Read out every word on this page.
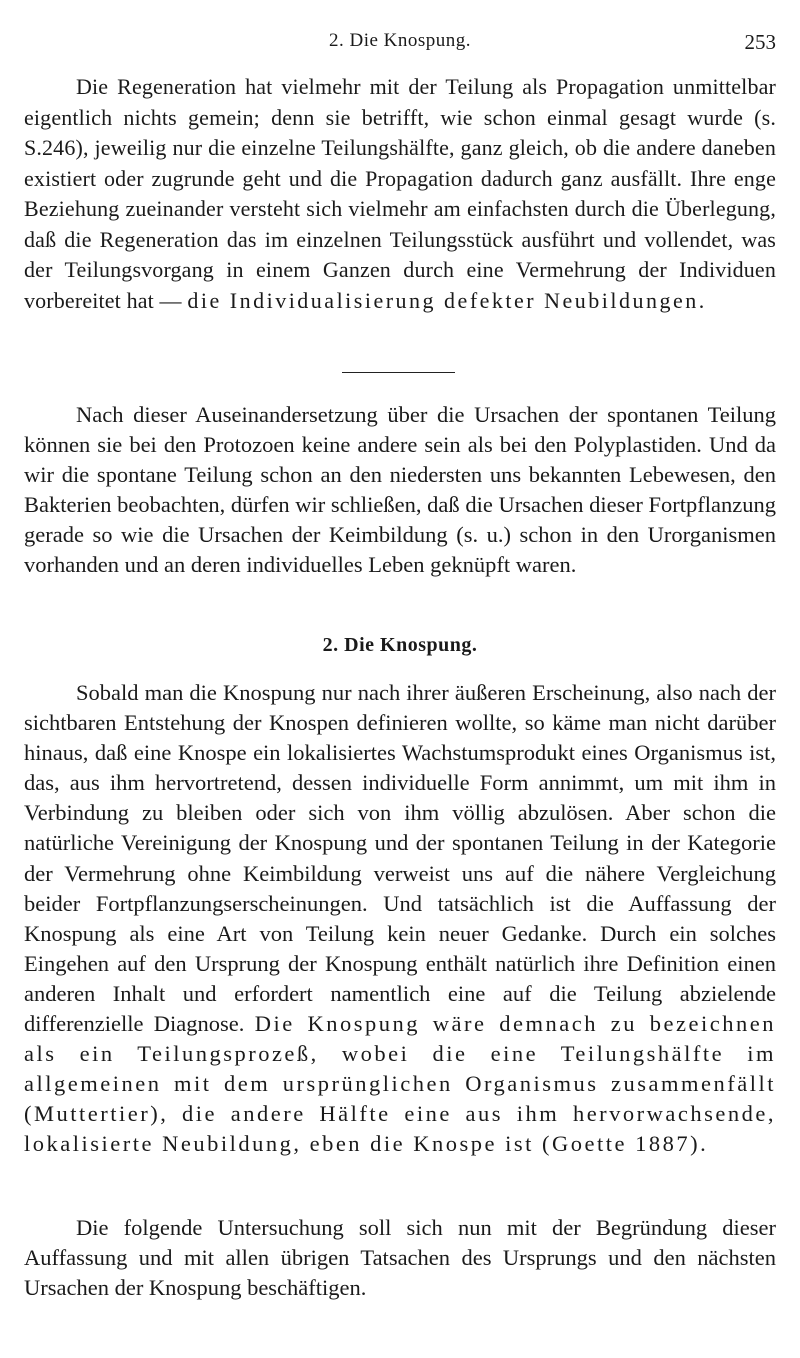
2. Die Knospung.	253

Die Regeneration hat vielmehr mit der Teilung als Propagation unmittelbar eigentlich nichts gemein; denn sie betrifft, wie schon einmal gesagt wurde (s. S.246), jeweilig nur die einzelne Teilungshälfte, ganz gleich, ob die andere daneben existiert oder zugrunde geht und die Propagation dadurch ganz ausfällt. Ihre enge Beziehung zueinander versteht sich vielmehr am einfachsten durch die Überlegung, daß die Regeneration das im einzelnen Teilungsstück ausführt und vollendet, was der Teilungsvorgang in einem Ganzen durch eine Vermehrung der Individuen vorbereitet hat — die Individualisierung defekter Neubildungen.

Nach dieser Auseinandersetzung über die Ursachen der spontanen Teilung können sie bei den Protozoen keine andere sein als bei den Polyplastiden. Und da wir die spontane Teilung schon an den niedersten uns bekannten Lebewesen, den Bakterien beobachten, dürfen wir schließen, daß die Ursachen dieser Fortpflanzung gerade so wie die Ursachen der Keimbildung (s. u.) schon in den Urorganismen vorhanden und an deren individuelles Leben geknüpft waren.

2. Die Knospung.

Sobald man die Knospung nur nach ihrer äußeren Erscheinung, also nach der sichtbaren Entstehung der Knospen definieren wollte, so käme man nicht darüber hinaus, daß eine Knospe ein lokalisiertes Wachstumsprodukt eines Organismus ist, das, aus ihm hervortretend, dessen individuelle Form annimmt, um mit ihm in Verbindung zu bleiben oder sich von ihm völlig abzulösen. Aber schon die natürliche Vereinigung der Knospung und der spontanen Teilung in der Kategorie der Vermehrung ohne Keimbildung verweist uns auf die nähere Vergleichung beider Fortpflanzungserscheinungen. Und tatsächlich ist die Auffassung der Knospung als eine Art von Teilung kein neuer Gedanke. Durch ein solches Eingehen auf den Ursprung der Knospung enthält natürlich ihre Definition einen anderen Inhalt und erfordert namentlich eine auf die Teilung abzielende differenzielle Diagnose. Die Knospung wäre demnach zu bezeichnen als ein Teilungsprozeß, wobei die eine Teilungshälfte im allgemeinen mit dem ursprünglichen Organismus zusammenfällt (Muttertier), die andere Hälfte eine aus ihm hervorwachsende, lokalisierte Neubildung, eben die Knospe ist (Goette 1887).

Die folgende Untersuchung soll sich nun mit der Begründung dieser Auffassung und mit allen übrigen Tatsachen des Ursprungs und den nächsten Ursachen der Knospung beschäftigen.
